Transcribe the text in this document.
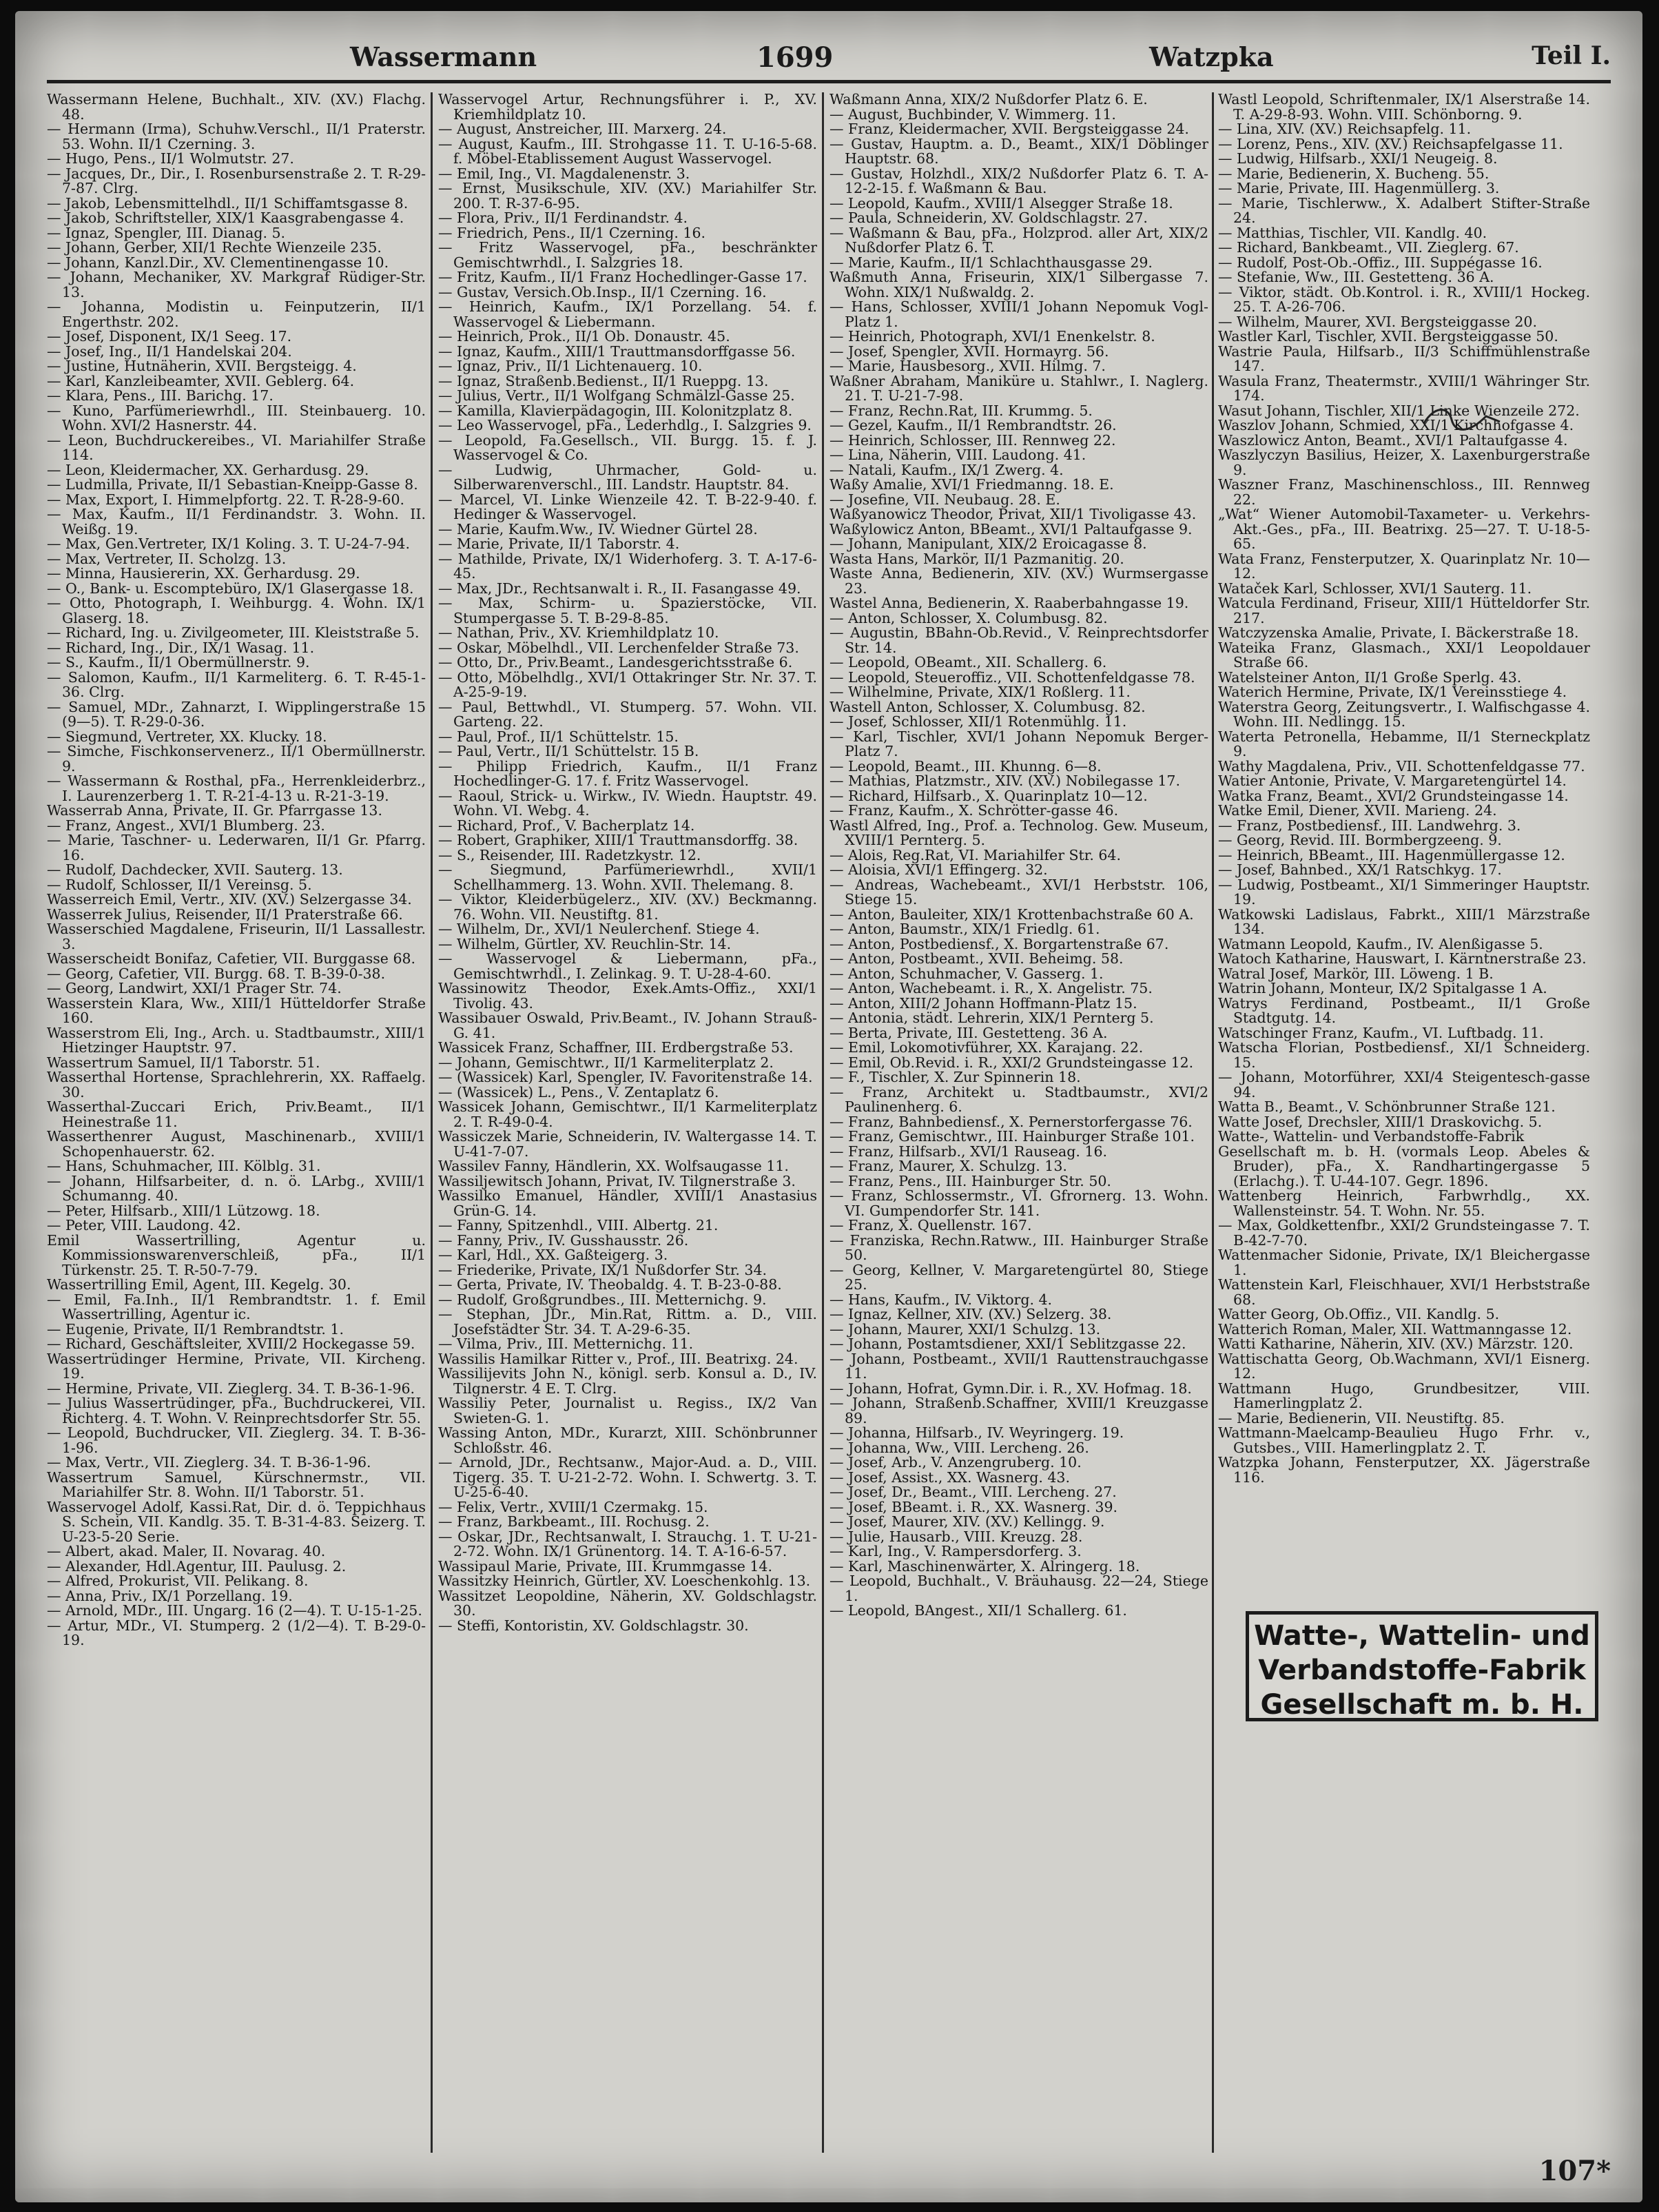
Wassermann	1699	Watzpka	Teil I.

Wassermann Helene, Buchhalt., XIV. (XV.) Flachg. 48.

— Hermann (Irma), Schuhw.Verschl., II/1 Praterstr. 53. Wohn. II/1 Czerning. 3.

— Hugo, Pens., II/1 Wolmutstr. 27.

— Jacques, Dr., Dir., I. Rosenbursenstraße 2. T. R-29-7-87. Clrg.

— Jakob, Lebensmittelhdl., II/1 Schiffamtsgasse 8.

— Jakob, Schriftsteller, XIX/1 Kaasgrabengasse 4.

— Ignaz, Spengler, III. Dianag. 5.

— Johann, Gerber, XII/1 Rechte Wienzeile 235.

— Johann, Kanzl.Dir., XV. Clementinengasse 10.

— Johann, Mechaniker, XV. Markgraf Rüdiger-Str. 13.

— Johanna, Modistin u. Feinputzerin, II/1 Engerthstr. 202.

— Josef, Disponent, IX/1 Seeg. 17.

— Josef, Ing., II/1 Handelskai 204.

— Justine, Hutnäherin, XVII. Bergsteigg. 4.

— Karl, Kanzleibeamter, XVII. Geblerg. 64.

— Klara, Pens., III. Barichg. 17.

— Kuno, Parfümeriewrhdl., III. Steinbauerg. 10. Wohn. XVI/2 Hasnerstr. 44.

— Leon, Buchdruckereibes., VI. Mariahilfer Straße 114.

— Leon, Kleidermacher, XX. Gerhardusg. 29.

— Ludmilla, Private, II/1 Sebastian-Kneipp-Gasse 8.

— Max, Export, I. Himmelpfortg. 22. T. R-28-9-60.

— Max, Kaufm., II/1 Ferdinandstr. 3. Wohn. II. Weißg. 19.

— Max, Gen.Vertreter, IX/1 Koling. 3. T. U-24-7-94.

— Max, Vertreter, II. Scholzg. 13.

— Minna, Hausiererin, XX. Gerhardusg. 29.

— O., Bank- u. Escomptebüro, IX/1 Glasergasse 18.

— Otto, Photograph, I. Weihburgg. 4. Wohn. IX/1 Glaserg. 18.

— Richard, Ing. u. Zivilgeometer, III. Kleiststraße 5.

— Richard, Ing., Dir., IX/1 Wasag. 11.

— S., Kaufm., II/1 Obermüllnerstr. 9.

— Salomon, Kaufm., II/1 Karmeliterg. 6. T. R-45-1-36. Clrg.

— Samuel, MDr., Zahnarzt, I. Wipplingerstraße 15 (9—5). T. R-29-0-36.

— Siegmund, Vertreter, XX. Klucky. 18.

— Simche, Fischkonservenerz., II/1 Obermüllnerstr. 9.

— Wassermann & Rosthal, pFa., Herrenkleiderbrz., I. Laurenzerberg 1. T. R-21-4-13 u. R-21-3-19.

Wasserrab Anna, Private, II. Gr. Pfarrgasse 13.

— Franz, Angest., XVI/1 Blumberg. 23.

— Marie, Taschner- u. Lederwaren, II/1 Gr. Pfarrg. 16.

— Rudolf, Dachdecker, XVII. Sauterg. 13.

— Rudolf, Schlosser, II/1 Vereinsg. 5.

Wasserreich Emil, Vertr., XIV. (XV.) Selzergasse 34.

Wasserrek Julius, Reisender, II/1 Praterstraße 66.

Wasserschied Magdalene, Friseurin, II/1 Lassallestr. 3.

Wasserscheidt Bonifaz, Cafetier, VII. Burggasse 68.

— Georg, Cafetier, VII. Burgg. 68. T. B-39-0-38.

— Georg, Landwirt, XXI/1 Prager Str. 74.

Wasserstein Klara, Ww., XIII/1 Hütteldorfer Straße 160.

Wasserstrom Eli, Ing., Arch. u. Stadtbaumstr., XIII/1 Hietzinger Hauptstr. 97.

Wassertrum Samuel, II/1 Taborstr. 51.

Wasserthal Hortense, Sprachlehrerin, XX. Raffaelg. 30.

Wasserthal-Zuccari Erich, Priv.Beamt., II/1 Heinestraße 11.

Wasserthenrer August, Maschinenarb., XVIII/1 Schopenhauerstr. 62.

— Hans, Schuhmacher, III. Kölblg. 31.

— Johann, Hilfsarbeiter, d. n. ö. LArbg., XVIII/1 Schumanng. 40.

— Peter, Hilfsarb., XIII/1 Lützowg. 18.

— Peter, VIII. Laudong. 42.

Emil Wassertrilling, Agentur u. Kommissionswarenverschleiß, pFa., II/1 Türkenstr. 25. T. R-50-7-79.

Wassertrilling Emil, Agent, III. Kegelg. 30.

— Emil, Fa.Inh., II/1 Rembrandtstr. 1. f. Emil Wassertrilling, Agentur ic.

— Eugenie, Private, II/1 Rembrandtstr. 1.

— Richard, Geschäftsleiter, XVIII/2 Hockegasse 59.

Wassertrüdinger Hermine, Private, VII. Kircheng. 19.

— Hermine, Private, VII. Zieglerg. 34. T. B-36-1-96.

— Julius Wassertrüdinger, pFa., Buchdruckerei, VII. Richterg. 4. T. Wohn. V. Reinprechtsdorfer Str. 55.

— Leopold, Buchdrucker, VII. Zieglerg. 34. T. B-36-1-96.

— Max, Vertr., VII. Zieglerg. 34. T. B-36-1-96.

Wassertrum Samuel, Kürschnermstr., VII. Mariahilfer Str. 8. Wohn. II/1 Taborstr. 51.

Wasservogel Adolf, Kassi.Rat, Dir. d. ö. Teppichhaus S. Schein, VII. Kandlg. 35. T. B-31-4-83. Seizerg. T. U-23-5-20 Serie.

— Albert, akad. Maler, II. Novarag. 40.

— Alexander, Hdl.Agentur, III. Paulusg. 2.

— Alfred, Prokurist, VII. Pelikang. 8.

— Anna, Priv., IX/1 Porzellang. 19.

— Arnold, MDr., III. Ungarg. 16 (2—4). T. U-15-1-25.

— Artur, MDr., VI. Stumperg. 2 (1/2—4). T. B-29-0-19.

Wasservogel Artur, Rechnungsführer i. P., XV. Kriemhildplatz 10.

— August, Anstreicher, III. Marxerg. 24.

— August, Kaufm., III. Strohgasse 11. T. U-16-5-68. f. Möbel-Etablissement August Wasservogel.

— Emil, Ing., VI. Magdalenenstr. 3.

— Ernst, Musikschule, XIV. (XV.) Mariahilfer Str. 200. T. R-37-6-95.

— Flora, Priv., II/1 Ferdinandstr. 4.

— Friedrich, Pens., II/1 Czerning. 16.

— Fritz Wasservogel, pFa., beschränkter Gemischtwrhdl., I. Salzgries 18.

— Fritz, Kaufm., II/1 Franz Hochedlinger-Gasse 17.

— Gustav, Versich.Ob.Insp., II/1 Czerning. 16.

— Heinrich, Kaufm., IX/1 Porzellang. 54. f. Wasservogel & Liebermann.

— Heinrich, Prok., II/1 Ob. Donaustr. 45.

— Ignaz, Kaufm., XIII/1 Trauttmansdorffgasse 56.

— Ignaz, Priv., II/1 Lichtenauerg. 10.

— Ignaz, Straßenb.Bedienst., II/1 Rueppg. 13.

— Julius, Vertr., II/1 Wolfgang Schmälzl-Gasse 25.

— Kamilla, Klavierpädagogin, III. Kolonitzplatz 8.

— Leo Wasservogel, pFa., Lederhdlg., I. Salzgries 9.

— Leopold, Fa.Gesellsch., VII. Burgg. 15. f. J. Wasservogel & Co.

— Ludwig, Uhrmacher, Gold- u. Silberwarenverschl., III. Landstr. Hauptstr. 84.

— Marcel, VI. Linke Wienzeile 42. T. B-22-9-40. f. Hedinger & Wasservogel.

— Marie, Kaufm.Ww., IV. Wiedner Gürtel 28.

— Marie, Private, II/1 Taborstr. 4.

— Mathilde, Private, IX/1 Widerhoferg. 3. T. A-17-6-45.

— Max, JDr., Rechtsanwalt i. R., II. Fasangasse 49.

— Max, Schirm- u. Spazierstöcke, VII. Stumpergasse 5. T. B-29-8-85.

— Nathan, Priv., XV. Kriemhildplatz 10.

— Oskar, Möbelhdl., VII. Lerchenfelder Straße 73.

— Otto, Dr., Priv.Beamt., Landesgerichtsstraße 6.

— Otto, Möbelhdlg., XVI/1 Ottakringer Str. Nr. 37. T. A-25-9-19.

— Paul, Bettwhdl., VI. Stumperg. 57. Wohn. VII. Garteng. 22.

— Paul, Prof., II/1 Schüttelstr. 15.

— Paul, Vertr., II/1 Schüttelstr. 15 B.

— Philipp Friedrich, Kaufm., II/1 Franz Hochedlinger-G. 17. f. Fritz Wasservogel.

— Raoul, Strick- u. Wirkw., IV. Wiedn. Hauptstr. 49. Wohn. VI. Webg. 4.

— Richard, Prof., V. Bacherplatz 14.

— Robert, Graphiker, XIII/1 Trauttmansdorffg. 38.

— S., Reisender, III. Radetzkystr. 12.

— Siegmund, Parfümeriewrhdl., XVII/1 Schellhammerg. 13. Wohn. XVII. Thelemang. 8.

— Viktor, Kleiderbügelerz., XIV. (XV.) Beckmanng. 76. Wohn. VII. Neustiftg. 81.

— Wilhelm, Dr., XVI/1 Neulerchenf. Stiege 4.

— Wilhelm, Gürtler, XV. Reuchlin-Str. 14.

— Wasservogel & Liebermann, pFa., Gemischtwrhdl., I. Zelinkag. 9. T. U-28-4-60.

Wassinowitz Theodor, Exek.Amts-Offiz., XXI/1 Tivolig. 43.

Wassibauer Oswald, Priv.Beamt., IV. Johann Strauß-G. 41.

Wassicek Franz, Schaffner, III. Erdbergstraße 53.

— Johann, Gemischtwr., II/1 Karmeliterplatz 2.

— (Wassicek) Karl, Spengler, IV. Favoritenstraße 14.

— (Wassicek) L., Pens., V. Zentaplatz 6.

Wassicek Johann, Gemischtwr., II/1 Karmeliterplatz 2. T. R-49-0-4.

Wassiczek Marie, Schneiderin, IV. Waltergasse 14. T. U-41-7-07.

Wassilev Fanny, Händlerin, XX. Wolfsaugasse 11.

Wassiljewitsch Johann, Privat, IV. Tilgnerstraße 3.

Wassilko Emanuel, Händler, XVIII/1 Anastasius Grün-G. 14.

— Fanny, Spitzenhdl., VIII. Albertg. 21.

— Fanny, Priv., IV. Gusshausstr. 26.

— Karl, Hdl., XX. Gaßteigerg. 3.

— Friederike, Private, IX/1 Nußdorfer Str. 34.

— Gerta, Private, IV. Theobaldg. 4. T. B-23-0-88.

— Rudolf, Großgrundbes., III. Metternichg. 9.

— Stephan, JDr., Min.Rat, Rittm. a. D., VIII. Josefstädter Str. 34. T. A-29-6-35.

— Vilma, Priv., III. Metternichg. 11.

Wassilis Hamilkar Ritter v., Prof., III. Beatrixg. 24.

Wassilijevits John N., königl. serb. Konsul a. D., IV. Tilgnerstr. 4 E. T. Clrg.

Wassiliy Peter, Journalist u. Regiss., IX/2 Van Swieten-G. 1.

Wassing Anton, MDr., Kurarzt, XIII. Schönbrunner Schloßstr. 46.

— Arnold, JDr., Rechtsanw., Major-Aud. a. D., VIII. Tigerg. 35. T. U-21-2-72. Wohn. I. Schwertg. 3. T. U-25-6-40.

— Felix, Vertr., XVIII/1 Czermakg. 15.

— Franz, Barkbeamt., III. Rochusg. 2.

— Oskar, JDr., Rechtsanwalt, I. Strauchg. 1. T. U-21-2-72. Wohn. IX/1 Grünentorg. 14. T. A-16-6-57.

Wassipaul Marie, Private, III. Krummgasse 14.

Wassitzky Heinrich, Gürtler, XV. Loeschenkohlg. 13.

Wassitzet Leopoldine, Näherin, XV. Goldschlagstr. 30.

— Steffi, Kontoristin, XV. Goldschlagstr. 30.

Waßmann Anna, XIX/2 Nußdorfer Platz 6. E.

— August, Buchbinder, V. Wimmerg. 11.

— Franz, Kleidermacher, XVII. Bergsteiggasse 24.

— Gustav, Hauptm. a. D., Beamt., XIX/1 Döblinger Hauptstr. 68.

— Gustav, Holzhdl., XIX/2 Nußdorfer Platz 6. T. A-12-2-15. f. Waßmann & Bau.

— Leopold, Kaufm., XVIII/1 Alsegger Straße 18.

— Paula, Schneiderin, XV. Goldschlagstr. 27.

— Waßmann & Bau, pFa., Holzprod. aller Art, XIX/2 Nußdorfer Platz 6. T.

— Marie, Kaufm., II/1 Schlachthausgasse 29.

Waßmuth Anna, Friseurin, XIX/1 Silbergasse 7. Wohn. XIX/1 Nußwaldg. 2.

— Hans, Schlosser, XVIII/1 Johann Nepomuk Vogl-Platz 1.

— Heinrich, Photograph, XVI/1 Enenkelstr. 8.

— Josef, Spengler, XVII. Hormayrg. 56.

— Marie, Hausbesorg., XVII. Hilmg. 7.

Waßner Abraham, Maniküre u. Stahlwr., I. Naglerg. 21. T. U-21-7-98.

— Franz, Rechn.Rat, III. Krummg. 5.

— Gezel, Kaufm., II/1 Rembrandtstr. 26.

— Heinrich, Schlosser, III. Rennweg 22.

— Lina, Näherin, VIII. Laudong. 41.

— Natali, Kaufm., IX/1 Zwerg. 4.

Waßy Amalie, XVI/1 Friedmanng. 18. E.

— Josefine, VII. Neubaug. 28. E.

Waßyanowicz Theodor, Privat, XII/1 Tivoligasse 43.

Waßylowicz Anton, BBeamt., XVI/1 Paltaufgasse 9.

— Johann, Manipulant, XIX/2 Eroicagasse 8.

Wasta Hans, Markör, II/1 Pazmanitig. 20.

Waste Anna, Bedienerin, XIV. (XV.) Wurmsergasse 23.

Wastel Anna, Bedienerin, X. Raaberbahngasse 19.

— Anton, Schlosser, X. Columbusg. 82.

— Augustin, BBahn-Ob.Revid., V. Reinprechtsdorfer Str. 14.

— Leopold, OBeamt., XII. Schallerg. 6.

— Leopold, Steueroffiz., VII. Schottenfeldgasse 78.

— Wilhelmine, Private, XIX/1 Roßlerg. 11.

Wastell Anton, Schlosser, X. Columbusg. 82.

— Josef, Schlosser, XII/1 Rotenmühlg. 11.

— Karl, Tischler, XVI/1 Johann Nepomuk Berger-Platz 7.

— Leopold, Beamt., III. Khunng. 6—8.

— Mathias, Platzmstr., XIV. (XV.) Nobilegasse 17.

— Richard, Hilfsarb., X. Quarinplatz 10—12.

— Franz, Kaufm., X. Schrötter-gasse 46.

Wastl Alfred, Ing., Prof. a. Technolog. Gew. Museum, XVIII/1 Pernterg. 5.

— Alois, Reg.Rat, VI. Mariahilfer Str. 64.

— Aloisia, XVI/1 Effingerg. 32.

— Andreas, Wachebeamt., XVI/1 Herbststr. 106, Stiege 15.

— Anton, Bauleiter, XIX/1 Krottenbachstraße 60 A.

— Anton, Baumstr., XIX/1 Friedlg. 61.

— Anton, Postbediensf., X. Borgartenstraße 67.

— Anton, Postbeamt., XVII. Beheimg. 58.

— Anton, Schuhmacher, V. Gasserg. 1.

— Anton, Wachebeamt. i. R., X. Angelistr. 75.

— Anton, XIII/2 Johann Hoffmann-Platz 15.

— Antonia, städt. Lehrerin, XIX/1 Pernterg 5.

— Berta, Private, III. Gestetteng. 36 A.

— Emil, Lokomotivführer, XX. Karajang. 22.

— Emil, Ob.Revid. i. R., XXI/2 Grundsteingasse 12.

— F., Tischler, X. Zur Spinnerin 18.

— Franz, Architekt u. Stadtbaumstr., XVI/2 Paulinenherg. 6.

— Franz, Bahnbediensf., X. Pernerstorfergasse 76.

— Franz, Gemischtwr., III. Hainburger Straße 101.

— Franz, Hilfsarb., XVI/1 Rauseag. 16.

— Franz, Maurer, X. Schulzg. 13.

— Franz, Pens., III. Hainburger Str. 50.

— Franz, Schlossermstr., VI. Gfrornerg. 13. Wohn. VI. Gumpendorfer Str. 141.

— Franz, X. Quellenstr. 167.

— Franziska, Rechn.Ratww., III. Hainburger Straße 50.

— Georg, Kellner, V. Margaretengürtel 80, Stiege 25.

— Hans, Kaufm., IV. Viktorg. 4.

— Ignaz, Kellner, XIV. (XV.) Selzerg. 38.

— Johann, Maurer, XXI/1 Schulzg. 13.

— Johann, Postamtsdiener, XXI/1 Seblitzgasse 22.

— Johann, Postbeamt., XVII/1 Rauttenstrauchgasse 11.

— Johann, Hofrat, Gymn.Dir. i. R., XV. Hofmag. 18.

— Johann, Straßenb.Schaffner, XVIII/1 Kreuzgasse 89.

— Johanna, Hilfsarb., IV. Weyringerg. 19.

— Johanna, Ww., VIII. Lercheng. 26.

— Josef, Arb., V. Anzengruberg. 10.

— Josef, Assist., XX. Wasnerg. 43.

— Josef, Dr., Beamt., VIII. Lercheng. 27.

— Josef, BBeamt. i. R., XX. Wasnerg. 39.

— Josef, Maurer, XIV. (XV.) Kellingg. 9.

— Julie, Hausarb., VIII. Kreuzg. 28.

— Karl, Ing., V. Rampersdorferg. 3.

— Karl, Maschinenwärter, X. Alringerg. 18.

— Leopold, Buchhalt., V. Bräuhausg. 22—24, Stiege 1.

— Leopold, BAngest., XII/1 Schallerg. 61.

Wastl Leopold, Schriftenmaler, IX/1 Alserstraße 14. T. A-29-8-93. Wohn. VIII. Schönborng. 9.

— Lina, XIV. (XV.) Reichsapfelg. 11.

— Lorenz, Pens., XIV. (XV.) Reichsapfelgasse 11.

— Ludwig, Hilfsarb., XXI/1 Neugeig. 8.

— Marie, Bedienerin, X. Bucheng. 55.

— Marie, Private, III. Hagenmüllerg. 3.

— Marie, Tischlerww., X. Adalbert Stifter-Straße 24.

— Matthias, Tischler, VII. Kandlg. 40.

— Richard, Bankbeamt., VII. Zieglerg. 67.

— Rudolf, Post-Ob.-Offiz., III. Suppégasse 16.

— Stefanie, Ww., III. Gestetteng. 36 A.

— Viktor, städt. Ob.Kontrol. i. R., XVIII/1 Hockeg. 25. T. A-26-706.

— Wilhelm, Maurer, XVI. Bergsteiggasse 20.

Wastler Karl, Tischler, XVII. Bergsteiggasse 50.

Wastrie Paula, Hilfsarb., II/3 Schiffmühlenstraße 147.

Wasula Franz, Theatermstr., XVIII/1 Währinger Str. 174.

Wasut Johann, Tischler, XII/1 Linke Wienzeile 272.

Waszlov Johann, Schmied, XXI/1 Kirchhofgasse 4.

Waszlowicz Anton, Beamt., XVI/1 Paltaufgasse 4.

Waszlyczyn Basilius, Heizer, X. Laxenburgerstraße 9.

Waszner Franz, Maschinenschloss., III. Rennweg 22.

„Wat“ Wiener Automobil-Taxameter- u. Verkehrs-Akt.-Ges., pFa., III. Beatrixg. 25—27. T. U-18-5-65.

Wata Franz, Fensterputzer, X. Quarinplatz Nr. 10—12.

Wataček Karl, Schlosser, XVI/1 Sauterg. 11.

Watcula Ferdinand, Friseur, XIII/1 Hütteldorfer Str. 217.

Watczyzenska Amalie, Private, I. Bäckerstraße 18.

Wateika Franz, Glasmach., XXI/1 Leopoldauer Straße 66.

Watelsteiner Anton, II/1 Große Sperlg. 43.

Waterich Hermine, Private, IX/1 Vereinsstiege 4.

Waterstra Georg, Zeitungsvertr., I. Walfischgasse 4. Wohn. III. Nedlingg. 15.

Waterta Petronella, Hebamme, II/1 Sterneckplatz 9.

Wathy Magdalena, Priv., VII. Schottenfeldgasse 77.

Watier Antonie, Private, V. Margaretengürtel 14.

Watka Franz, Beamt., XVI/2 Grundsteingasse 14.

Watke Emil, Diener, XVII. Marieng. 24.

— Franz, Postbediensf., III. Landwehrg. 3.

— Georg, Revid. III. Bormbergzeeng. 9.

— Heinrich, BBeamt., III. Hagenmüllergasse 12.

— Josef, Bahnbed., XX/1 Ratschkyg. 17.

— Ludwig, Postbeamt., XI/1 Simmeringer Hauptstr. 19.

Watkowski Ladislaus, Fabrkt., XIII/1 Märzstraße 134.

Watmann Leopold, Kaufm., IV. Alenßigasse 5.

Watoch Katharine, Hauswart, I. Kärntnerstraße 23.

Watral Josef, Markör, III. Löweng. 1 B.

Watrin Johann, Monteur, IX/2 Spitalgasse 1 A.

Watrys Ferdinand, Postbeamt., II/1 Große Stadtgutg. 14.

Watschinger Franz, Kaufm., VI. Luftbadg. 11.

Watscha Florian, Postbediensf., XI/1 Schneiderg. 15.

— Johann, Motorführer, XXI/4 Steigentesch-gasse 94.

Watta B., Beamt., V. Schönbrunner Straße 121.

Watte Josef, Drechsler, XIII/1 Draskovichg. 5.

Watte-, Wattelin- und Verbandstoffe-Fabrik

Gesellschaft m. b. H. (vormals Leop. Abeles & Bruder), pFa., X. Randhartingergasse 5 (Erlachg.). T. U-44-107. Gegr. 1896.

Wattenberg Heinrich, Farbwrhdlg., XX. Wallensteinstr. 54. T. Wohn. Nr. 55.

— Max, Goldkettenfbr., XXI/2 Grundsteingasse 7. T. B-42-7-70.

Wattenmacher Sidonie, Private, IX/1 Bleichergasse 1.

Wattenstein Karl, Fleischhauer, XVI/1 Herbststraße 68.

Watter Georg, Ob.Offiz., VII. Kandlg. 5.

Watterich Roman, Maler, XII. Wattmanngasse 12.

Watti Katharine, Näherin, XIV. (XV.) Märzstr. 120.

Wattischatta Georg, Ob.Wachmann, XVI/1 Eisnerg. 12.

Wattmann Hugo, Grundbesitzer, VIII. Hamerlingplatz 2.

— Marie, Bedienerin, VII. Neustiftg. 85.

Wattmann-Maelcamp-Beaulieu Hugo Frhr. v., Gutsbes., VIII. Hamerlingplatz 2. T.

Watzpka Johann, Fensterputzer, XX. Jägerstraße 116.

Watte-, Wattelin- und
Verbandstoffe-Fabrik
Gesellschaft m. b. H.
107*
